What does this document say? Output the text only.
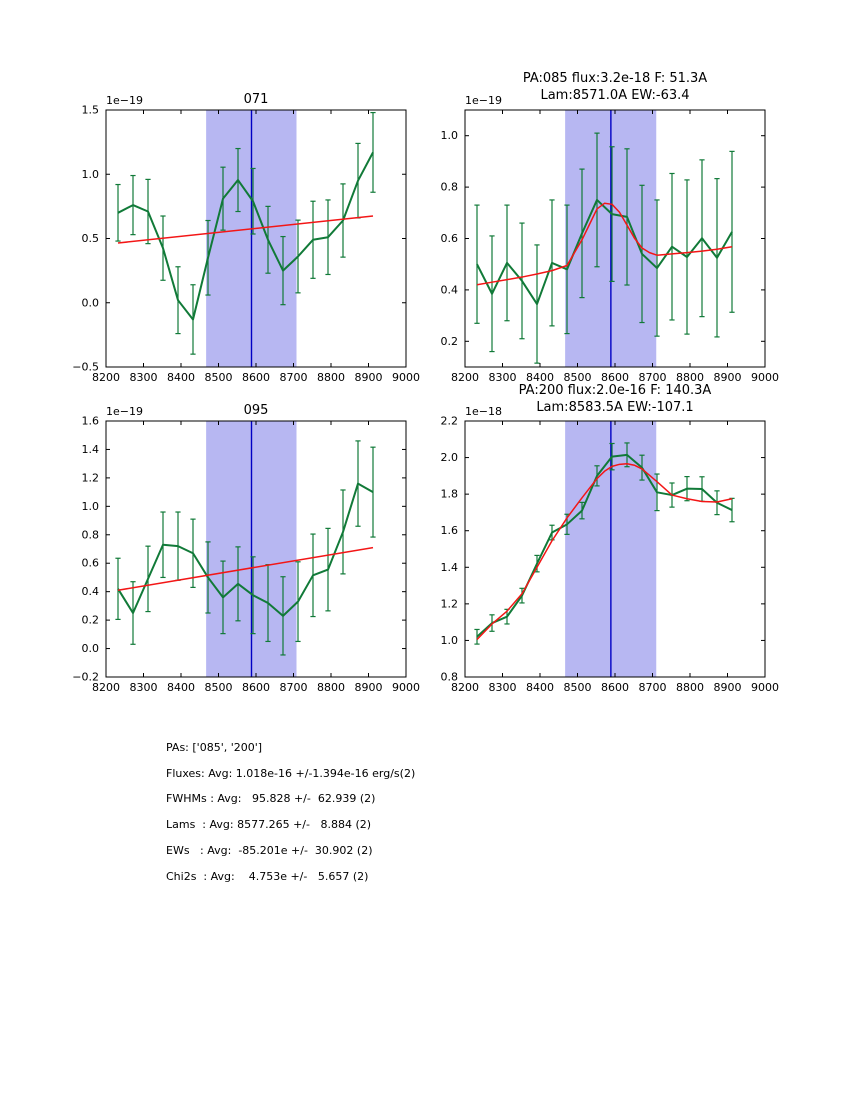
8200 8300 8400 8500 8600 8700 8800 8900 9000
−0.5
0.0
0.5
1.0
1.5
1e−19
8200 8300 8400 8500 8600 8700 8800 8900 9000
0.2
0.4
0.6
0.8
1.0
1e−19
8200 8300 8400 8500 8600 8700 8800 8900 9000
−0.2
0.0
0.2
0.4
0.6
0.8
1.0
1.2
1.4
1.6
1e−19
8200 8300 8400 8500 8600 8700 8800 8900 9000
0.8
1.0
1.2
1.4
1.6
1.8
2.0
2.2
1e−18
071
PA:085 flux:3.2e-18 F: 51.3A
Lam:8571.0A EW:-63.4
095
PA:200 flux:2.0e-16 F: 140.3A
Lam:8583.5A EW:-107.1
PAs: ['085', '200']
Fluxes: Avg: 1.018e-16 +/-1.394e-16 erg/s(2)
FWHMs : Avg:   95.828 +/-  62.939 (2)
Lams  : Avg: 8577.265 +/-   8.884 (2)
EWs   : Avg:  -85.201e +/-  30.902 (2)
Chi2s  : Avg:    4.753e +/-   5.657 (2)
